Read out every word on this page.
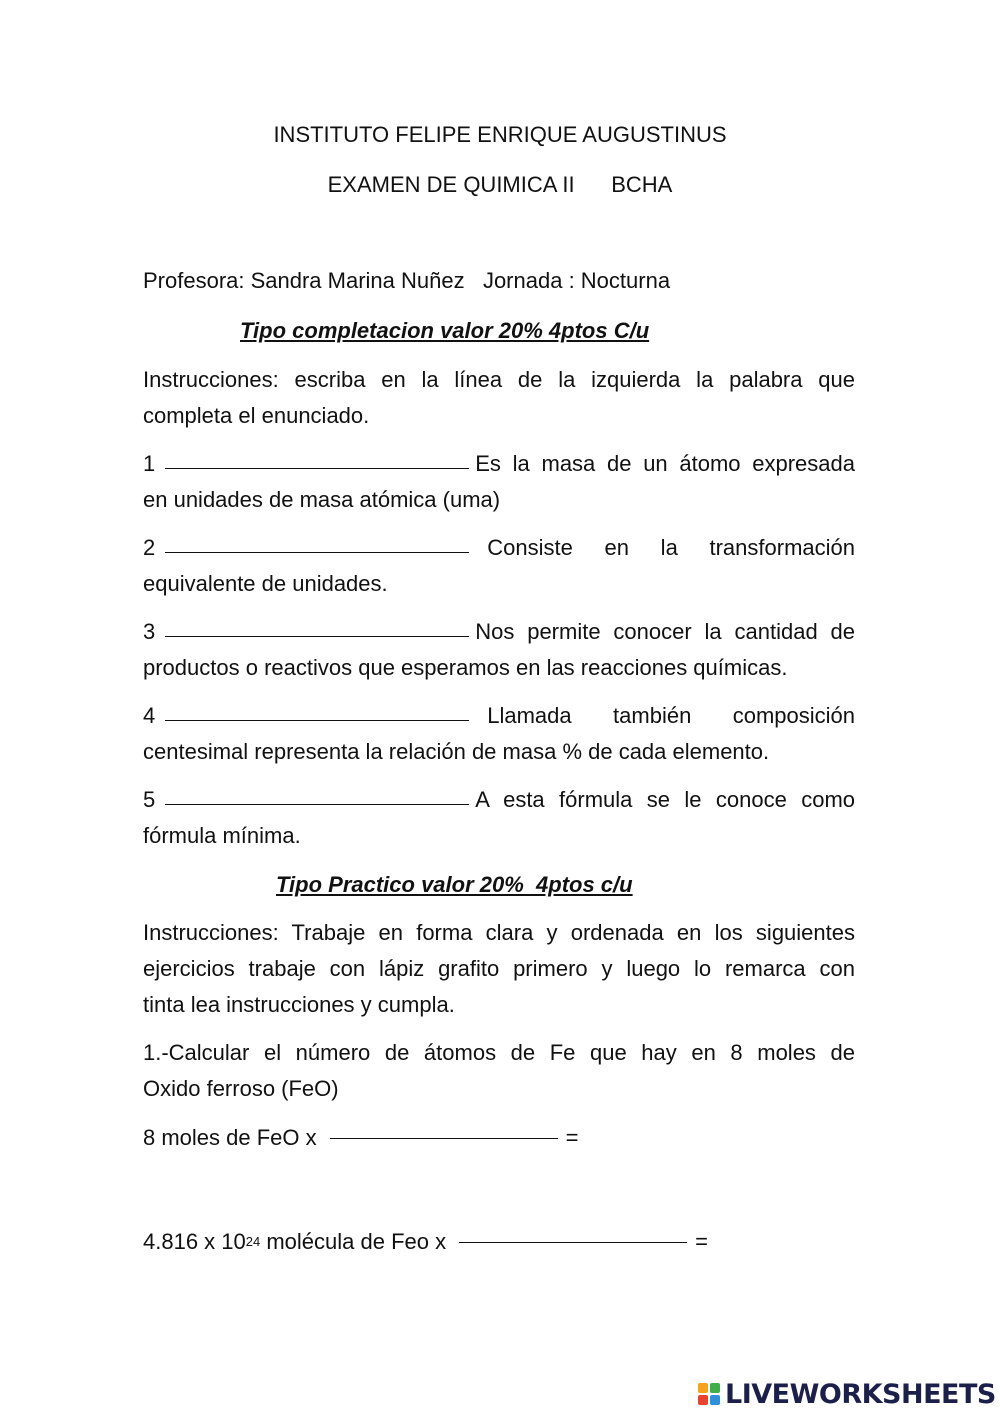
INSTITUTO FELIPE ENRIQUE AUGUSTINUS
EXAMEN DE QUIMICA II      BCHA
Profesora: Sandra Marina Nuñez   Jornada : Nocturna
Tipo completacion valor 20% 4ptos C/u
Instrucciones: escriba en la línea de la izquierda la palabra que
completa el enunciado.
1	Es la masa de un átomo expresada
en unidades de masa atómica (uma)
2	Consiste en la transformación
equivalente de unidades.
3	Nos permite conocer la cantidad de
productos o reactivos que esperamos en las reacciones químicas.
4	Llamada también composición
centesimal representa la relación de masa % de cada elemento.
5	A esta fórmula se le conoce como
fórmula mínima.
Tipo Practico valor 20%  4ptos c/u
Instrucciones: Trabaje en forma clara y ordenada en los siguientes
ejercicios trabaje con lápiz grafito primero y luego lo remarca con
tinta lea instrucciones y cumpla.
1.-Calcular el número de átomos de Fe que hay en 8 moles de
Oxido ferroso (FeO)
8 moles de FeO x	=
4.816 x 10 24 molécula de Feo x	=
LIVEWORKSHEETS
